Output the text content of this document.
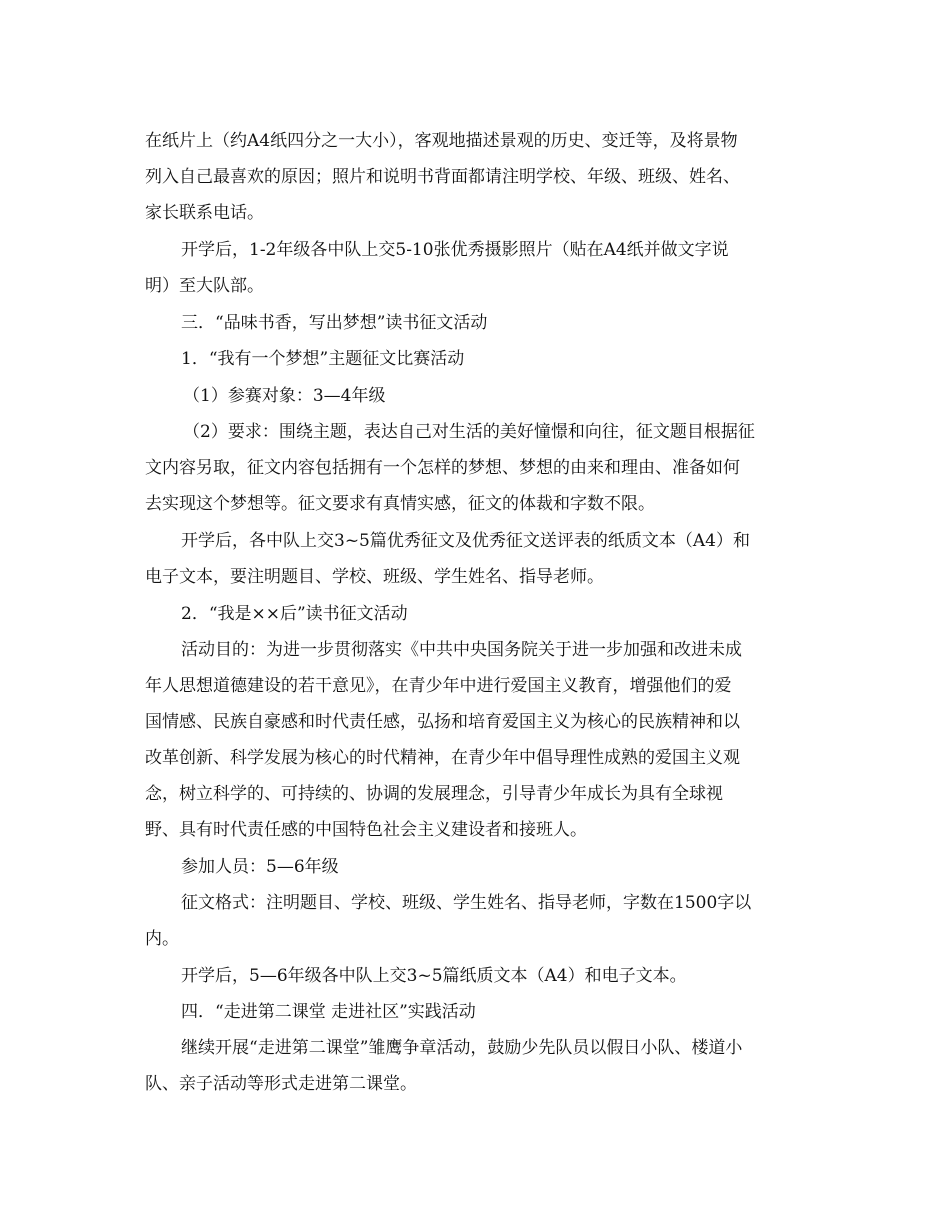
在纸片上（约A4纸四分之一大小），客观地描述景观的历史、变迁等，及将景物
列入自己最喜欢的原因；照片和说明书背面都请注明学校、年级、班级、姓名、
家长联系电话。
开学后，1-2年级各中队上交5-10张优秀摄影照片（贴在A4纸并做文字说
明）至大队部。
三．“品味书香，写出梦想”读书征文活动
1．“我有一个梦想”主题征文比赛活动
（1）参赛对象：3—4年级
（2）要求：围绕主题，表达自己对生活的美好憧憬和向往，征文题目根据征
文内容另取，征文内容包括拥有一个怎样的梦想、梦想的由来和理由、准备如何
去实现这个梦想等。征文要求有真情实感，征文的体裁和字数不限。
开学后，各中队上交3~5篇优秀征文及优秀征文送评表的纸质文本（A4）和
电子文本，要注明题目、学校、班级、学生姓名、指导老师。
2．“我是××后”读书征文活动
活动目的：为进一步贯彻落实《中共中央国务院关于进一步加强和改进未成
年人思想道德建设的若干意见》，在青少年中进行爱国主义教育，增强他们的爱
国情感、民族自豪感和时代责任感，弘扬和培育爱国主义为核心的民族精神和以
改革创新、科学发展为核心的时代精神，在青少年中倡导理性成熟的爱国主义观
念，树立科学的、可持续的、协调的发展理念，引导青少年成长为具有全球视
野、具有时代责任感的中国特色社会主义建设者和接班人。
参加人员：5—6年级
征文格式：注明题目、学校、班级、学生姓名、指导老师，字数在1500字以
内。
开学后，5—6年级各中队上交3~5篇纸质文本（A4）和电子文本。
四．“走进第二课堂 走进社区”实践活动
继续开展“走进第二课堂”雏鹰争章活动，鼓励少先队员以假日小队、楼道小
队、亲子活动等形式走进第二课堂。
